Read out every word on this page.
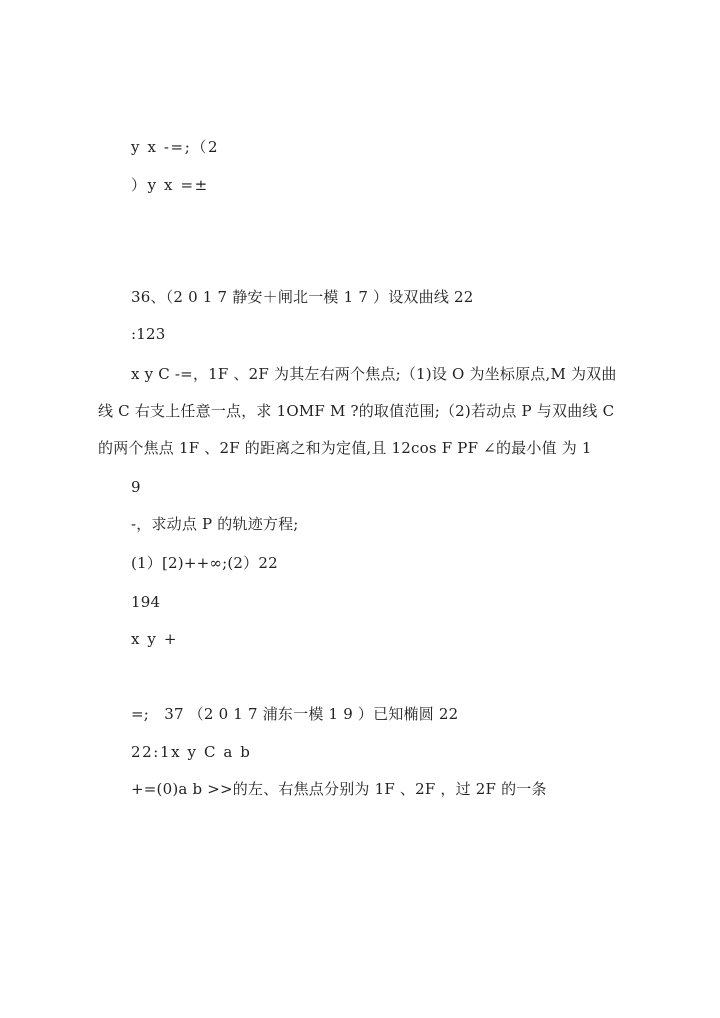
y x -=;（2
）y x =±
36、（2 0 1 7 静安＋闸北一模 1 7 ）设双曲线 22
:123
x y C -=，1F 、2F 为其左右两个焦点;（1)设 O 为坐标原点,M 为双曲
线 C 右支上任意一点，求 1OMF M ?的取值范围;（2)若动点 P 与双曲线 C
的两个焦点 1F 、2F 的距离之和为定值,且 12cos F PF ∠的最小值 为 1
9
-，求动点 P 的轨迹方程;
(1）[2)++∞;(2）22
194
x y +
=;　37 （2 0 1 7 浦东一模 1 9 ）已知椭圆 22
22:1x y C a b
+=(0)a b >>的左、右焦点分别为 1F 、2F ，过 2F 的一条
